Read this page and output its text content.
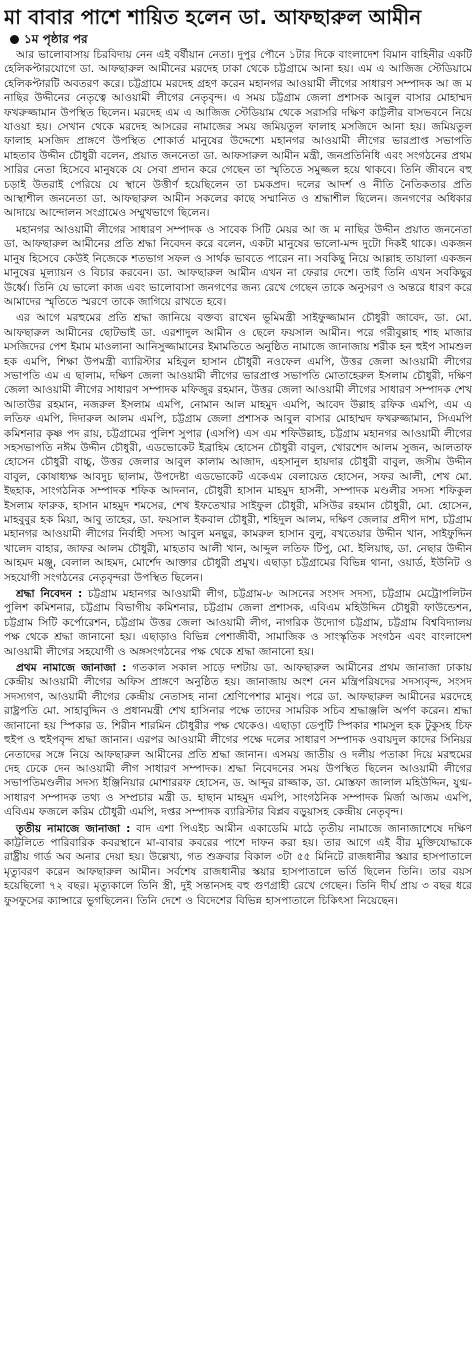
মা বাবার পাশে শায়িত হলেন ডা. আফছারুল আমীন
১ম পৃষ্ঠার পর

আর ভালোবাসায় চিরবিদায় নেন এই বর্ষীয়ান নেতা। দুপুর পৌনে ১টার দিকে বাংলাদেশ বিমান বাহিনীর একটি হেলিকপ্টারযোগে ডা. আফছারুল আমীনের মরদেহ ঢাকা থেকে চট্টগ্রামে আনা হয়। এম এ আজিজ স্টেডিয়ামে হেলিকপ্টারটি অবতরণ করে। চট্টগ্রামে মরদেহ গ্রহণ করেন মহানগর আওয়ামী লীগের সাধারণ সম্পাদক আ জ ম নাছির উদ্দীনের নেতৃত্বে আওয়ামী লীগের নেতৃবৃন্দ। এ সময় চট্টগ্রাম জেলা প্রশাসক আবুল বাসার মোহাম্মদ ফখরুজ্জামান উপস্থিত ছিলেন। মরদেহ এম এ আজিজ স্টেডিয়াম থেকে সরাসরি দক্ষিণ কাট্টলীর বাসভবনে নিয়ে যাওয়া হয়। সেখান থেকে মরদেহ আসরের নামাজের সময় জমিয়তুল ফালাহ মসজিদে আনা হয়। জমিয়তুল ফালাহ মসজিদ প্রাঙ্গণে উপস্থিত শোকার্ত মানুষের উদ্দেশ্যে মহানগর আওয়ামী লীগের ভারপ্রাপ্ত সভাপতি মাহতাব উদ্দীন চৌধুরী বলেন, প্রয়াত জননেতা ডা. আফসারুল আমীন মন্ত্রী, জনপ্রতিনিধি এবং সংগঠনের প্রথম সারির নেতা হিসেবে মানুষকে যে সেবা প্রদান করে গেছেন তা স্মৃতিতে সমুজ্জল হয়ে থাকবে। তিনি জীবনে বহু চড়াই উতরাই পেরিয়ে যে স্থানে উত্তীর্ণ হয়েছিলেন তা চমকপ্রদ। দলের আদর্শ ও নীতি নৈতিকতার প্রতি আস্থাশীল জননেতা ডা. আফছারুল আমীন সকলের কাছে সম্মানিত ও শ্রদ্ধাশীল ছিলেন। জনগণের অধিকার আদায়ে আন্দোলন সংগ্রামেও সম্মুখভাগে ছিলেন।

মহানগর আওয়ামী লীগের সাধারণ সম্পাদক ও সাবেক সিটি মেয়র আ জ ম নাছির উদ্দীন প্রয়াত জননেতা ডা. আফছারুল আমীনের প্রতি শ্রদ্ধা নিবেদন করে বলেন, একটা মানুষের ভালো-মন্দ দুটো দিকই থাকে। একজন মানুষ হিসেবে কেউই নিজেকে শতভাগ সফল ও সার্থক ভাবতে পারেন না। সবকিছু নিয়ে আল্লাহ তায়ালা একজন মানুষের মূল্যায়ন ও বিচার করবেন। ডা. আফছারুল আমীন এখন না ফেরার দেশে। তাই তিনি এখন সবকিছুর উর্ধ্বে। তিনি যে ভালো কাজ এবং ভালোবাসা জনগণের জন্য রেখে গেছেন তাকে অনুসরণ ও অন্তরে ধারণ করে আমাদের স্মৃতিতে স্মরণে তাকে জাগিয়ে রাখতে হবে।

এর আগে মরহুমের প্রতি শ্রদ্ধা জানিয়ে বক্তব্য রাখেন ভূমিমন্ত্রী সাইফুজ্জামান চৌধুরী জাবেদ, ডা. মো. আফছারুল আমীনের ছোটভাই ডা. এরশাদুল আমীন ও ছেলে ফয়সাল আমীন। পরে গরীবুল্লাহ শাহ মাজার মসজিদের পেশ ইমাম মাওলানা আনিসুজ্জামানের ইমামতিতে অনুষ্ঠিত নামাজে জানাজায় শরীক হন হুইপ সামশুল হক এমপি, শিক্ষা উপমন্ত্রী ব্যারিস্টার মহিবুল হাসান চৌধুরী নওফেল এমপি, উত্তর জেলা আওয়ামী লীগের সভাপতি এম এ ছালাম, দক্ষিণ জেলা আওয়ামী লীগের ভারপ্রাপ্ত সভাপতি মোতাহেরুল ইসলাম চৌধুরী, দক্ষিণ জেলা আওয়ামী লীগের সাধারণ সম্পাদক মফিজুর রহমান, উত্তর জেলা আওয়ামী লীগের সাধারণ সম্পাদক শেখ আতাউর রহমান, নজরুল ইসলাম এমপি, নোমান আল মাহমুদ এমপি, আবেদ উল্লাহ রফিক এমপি, এম এ লতিফ এমপি, দিদারুল আলম এমপি, চট্টগ্রাম জেলা প্রশাসক আবুল বাসার মোহাম্মদ ফখরুজ্জামান, সিএমপি কমিশনার কৃষ্ণ পদ রায়, চট্টগ্রামের পুলিশ সুপার (এসপি) এস এম শফিউল্লাহ, চট্টগ্রাম মহানগর আওয়ামী লীগের সহসভাপতি নঈম উদ্দীন চৌধুরী, এডভোকেট ইব্রাহিম হোসেন চৌধুরী বাবুল, খোরশেদ আলম সুজন, আলতাফ হোসেন চৌধুরী বাচ্চু, উত্তর জেলার আবুল কালাম আজাদ, এহসানুল হায়দার চৌধুরী বাবুল, জসীম উদ্দীন বাবুল, কোষাধ্যক্ষ আবদুচ ছালাম, উপদেষ্টা এডভোকেট একেএম বেলায়েত হোসেন, সফর আলী, শেখ মো. ইছহাক, সাংগঠনিক সম্পাদক শফিক আদনান, চৌধুরী হাসান মাহমুদ হাসনী, সম্পাদক মণ্ডলীর সদস্য শফিকুল ইসলাম ফারুক, হাসান মাহমুদ শমসের, শেখ ইফতেখার সাইফুল চৌধুরী, মসিউর রহমান চৌধুরী, মো. হোসেন, মাহবুবুর হক মিয়া, আবু তাহের, ডা. ফয়সাল ইকবাল চৌধুরী, শহিদুল আলম, দক্ষিণ জেলার প্রদীপ দাশ, চট্টগ্রাম মহানগর আওয়ামী লীগের নির্বাহী সদস্য আবুল মনছুর, কামরুল হাসান বুলু, বখতেয়ার উদ্দীন খান, সাইফুদ্দিন খালেদ বাহার, জাফর আলম চৌধুরী, মাহতাব আলী খান, আব্দুল লতিফ টিপু, মো. ইলিয়াছ, ডা. নেছার উদ্দীন আহমদ মঞ্জু, বেলাল আহমদ, মোর্শেদ আক্তার চৌধুরী প্রমুখ। এছাড়া চট্টগ্রামের বিভিন্ন থানা, ওয়ার্ড, ইউনিট ও সহযোগী সংগঠনের নেতৃবৃন্দরা উপস্থিত ছিলেন।

শ্রদ্ধা নিবেদন : চট্টগ্রাম মহানগর আওয়ামী লীগ, চট্টগ্রাম-৮ আসনের সংসদ সদস্য, চট্টগ্রাম মেট্রোপলিটন পুলিশ কমিশনার, চট্টগ্রাম বিভাগীয় কমিশনার, চট্টগ্রাম জেলা প্রশাসক, এবিএম মহিউদ্দিন চৌধুরী ফাউন্ডেশন, চট্টগ্রাম সিটি কর্পোরেশন, চট্টগ্রাম উত্তর জেলা আওয়ামী লীগ, নাগরিক উদ্যোগ চট্টগ্রাম, চট্টগ্রাম বিশ্ববিদ্যালয় পক্ষ থেকে শ্রদ্ধা জানানো হয়। এছাড়াও বিভিন্ন পেশাজীবী, সামাজিক ও সাংস্কৃতিক সংগঠন এবং বাংলাদেশ আওয়ামী লীগের সহযোগী ও অঙ্গসংগঠনের পক্ষ থেকে শ্রদ্ধা জানানো হয়।

প্রথম নামাজে জানাজা : গতকাল সকাল সাড়ে দশটায় ডা. আফছারুল আমীনের প্রথম জানাজা ঢাকায় কেন্দ্রীয় আওয়ামী লীগের অফিস প্রাঙ্গণে অনুষ্ঠিত হয়। জানাজায় অংশ নেন মন্ত্রিপরিষদের সদস্যবৃন্দ, সংসদ সদস্যগণ, আওয়ামী লীগের কেন্দ্রীয় নেতাসহ নানা শ্রেণিপেশার মানুষ। পরে ডা. আফছারুল আমীনের মরদেহে রাষ্ট্রপতি মো. সাহাবুদ্দিন ও প্রধানমন্ত্রী শেখ হাসিনার পক্ষে তাদের সামরিক সচিব শ্রদ্ধাঞ্জলি অর্পণ করেন। শ্রদ্ধা জানানো হয় স্পিকার ড. শিরীন শারমিন চৌধুরীর পক্ষ থেকেও। এছাড়া ডেপুটি স্পিকার শামসুল হক টুকুসহ চিফ হুইপ ও হুইপবৃন্দ শ্রদ্ধা জানান। এরপর আওয়ামী লীগের পক্ষে দলের সাধারণ সম্পাদক ওবায়দুল কাদের সিনিয়র নেতাদের সঙ্গে নিয়ে আফছারুল আমীনের প্রতি শ্রদ্ধা জানান। এসময় জাতীয় ও দলীয় পতাকা দিয়ে মরহুমের দেহ ঢেকে দেন আওয়ামী লীগ সাধারণ সম্পাদক। শ্রদ্ধা নিবেদনের সময় উপস্থিত ছিলেন আওয়ামী লীগের সভাপতিমণ্ডলীর সদস্য ইঞ্জিনিয়ার মোশাররফ হোসেন, ড. আব্দুর রাজ্জাক, ডা. মোস্তফা জালাল মহিউদ্দিন, যুগ্ম-সাধারণ সম্পাদক তথ্য ও সম্প্রচার মন্ত্রী ড. হাছান মাহমুদ এমপি, সাংগঠনিক সম্পাদক মির্জা আজম এমপি, এবিএম ফজলে করিম চৌধুরী এমপি, দপ্তর সম্পাদক ব্যারিস্টার বিপ্লব বড়ুয়াসহ কেন্দ্রীয় নেতৃবৃন্দ।

তৃতীয় নামাজে জানাজা : বাদ এশা পিএইচ আমীন একাডেমি মাঠে তৃতীয় নামাজে জানাজাশেষে দক্ষিণ কাট্টলিতে পারিবারিক কবরস্থানে মা-বাবার কবরের পাশে দাফন করা হয়। তার আগে এই বীর মুক্তিযোদ্ধাকে রাষ্ট্রীয় গার্ড অব অনার দেয়া হয়। উল্লেখ্য, গত শুক্রবার বিকাল ৩টা ৫৫ মিনিটে রাজধানীর স্কয়ার হাসপাতালে মৃত্যুবরণ করেন আফছারুল আমীন। সর্বশেষ রাজধানীর স্কয়ার হাসপাতালে ভর্তি ছিলেন তিনি। তার বয়স হয়েছিলো ৭২ বছর। মৃত্যুকালে তিনি স্ত্রী, দুই সন্তানসহ বহু গুণগ্রাহী রেখে গেছেন। তিনি দীর্ঘ প্রায় ৩ বছর ধরে ফুসফুসের ক্যান্সারে ভুগছিলেন। তিনি দেশে ও বিদেশের বিভিন্ন হাসপাতালে চিকিৎসা নিয়েছেন।
